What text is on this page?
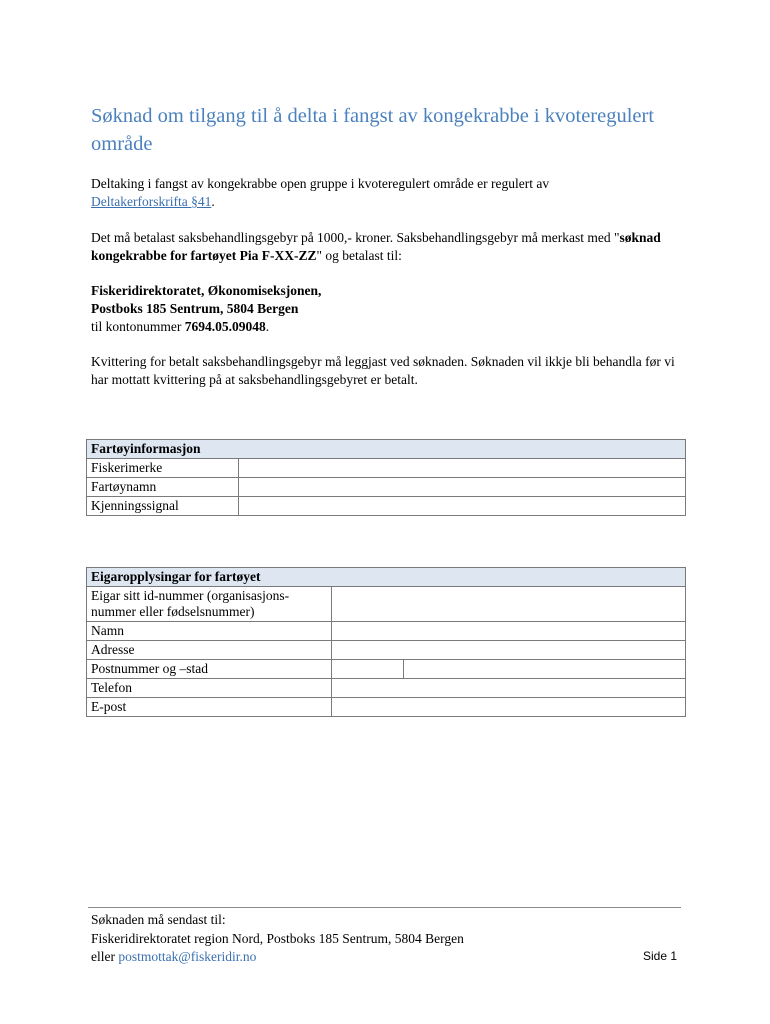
Søknad om tilgang til å delta i fangst av kongekrabbe i kvoteregulert område

Deltaking i fangst av kongekrabbe open gruppe i kvoteregulert område er regulert av
Deltakerforskrifta §41.

Det må betalast saksbehandlingsgebyr på 1000,- kroner. Saksbehandlingsgebyr må merkast med "søknad kongekrabbe for fartøyet Pia F-XX-ZZ" og betalast til:

Fiskeridirektoratet, Økonomiseksjonen,
Postboks 185 Sentrum, 5804 Bergen
til kontonummer 7694.05.09048.

Kvittering for betalt saksbehandlingsgebyr må leggjast ved søknaden. Søknaden vil ikkje bli behandla før vi har mottatt kvittering på at saksbehandlingsgebyret er betalt.

Fartøyinformasjon	
Fiskerimerke	
Fartøynamn	
Kjenningssignal	
Eigaropplysingar for fartøyet		
Eigar sitt id-nummer (organisasjons-nummer eller fødselsnummer)		
Namn		
Adresse		
Postnummer og –stad		
Telefon		
E-post		
Søknaden må sendast til:
Fiskeridirektoratet region Nord, Postboks 185 Sentrum, 5804 Bergen
eller postmottak@fiskeridir.no	Side 1
